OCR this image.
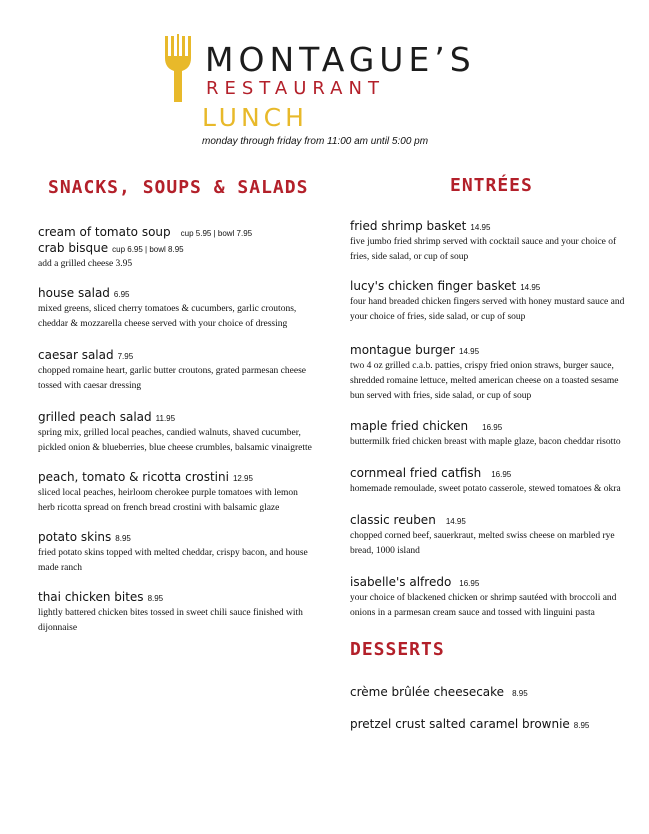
MONTAGUE’S
RESTAURANT
LUNCH
monday through friday from 11:00 am until 5:00 pm
SNACKS, SOUPS & SALADS
cream of tomato soup cup 5.95 | bowl 7.95
crab bisque cup 6.95 | bowl 8.95
add a grilled cheese 3.95
house salad 6.95
mixed greens, sliced cherry tomatoes & cucumbers, garlic croutons, cheddar & mozzarella cheese served with your choice of dressing
caesar salad 7.95
chopped romaine heart, garlic butter croutons, grated parmesan cheese tossed with caesar dressing
grilled peach salad 11.95
spring mix, grilled local peaches, candied walnuts, shaved cucumber, pickled onion & blueberries, blue cheese crumbles, balsamic vinaigrette
peach, tomato & ricotta crostini 12.95
sliced local peaches, heirloom cherokee purple tomatoes with lemon herb ricotta spread on french bread crostini with balsamic glaze
potato skins 8.95
fried potato skins topped with melted cheddar, crispy bacon, and house made ranch
thai chicken bites 8.95
lightly battered chicken bites tossed in sweet chili sauce finished with dijonnaise
ENTRÉES
fried shrimp basket 14.95
five jumbo fried shrimp served with cocktail sauce and your choice of fries, side salad, or cup of soup
lucy's chicken finger basket 14.95
four hand breaded chicken fingers served with honey mustard sauce and your choice of fries, side salad, or cup of soup
montague burger 14.95
two 4 oz grilled c.a.b. patties, crispy fried onion straws, burger sauce, shredded romaine lettuce, melted american cheese on a toasted sesame bun served with fries, side salad, or cup of soup
maple fried chicken 16.95
buttermilk fried chicken breast with maple glaze, bacon cheddar risotto
cornmeal fried catfish 16.95
homemade remoulade, sweet potato casserole, stewed tomatoes & okra
classic reuben 14.95
chopped corned beef, sauerkraut, melted swiss cheese on marbled rye bread, 1000 island
isabelle's alfredo 16.95
your choice of blackened chicken or shrimp sautéed with broccoli and onions in a parmesan cream sauce and tossed with linguini pasta
DESSERTS
crème brûlée cheesecake 8.95
pretzel crust salted caramel brownie 8.95
